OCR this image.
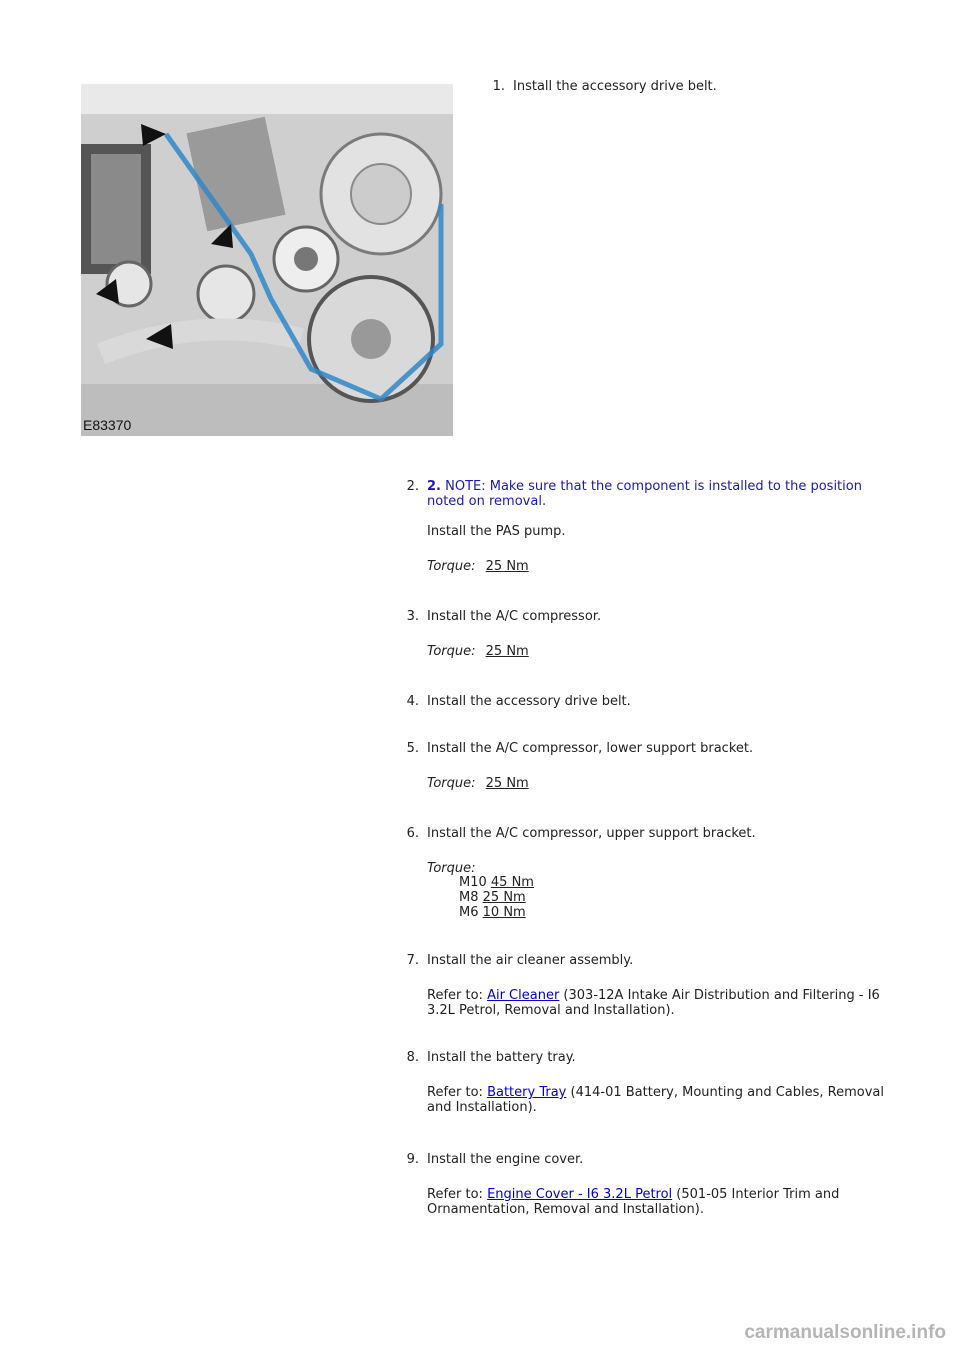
E83370
1. Install the accessory drive belt.
2. 2. NOTE: Make sure that the component is installed to the position noted on removal.
Install the PAS pump.
Torque: 25 Nm
3. Install the A/C compressor.
Torque: 25 Nm
4. Install the accessory drive belt.
5. Install the A/C compressor, lower support bracket.
Torque: 25 Nm
6. Install the A/C compressor, upper support bracket.
Torque:
M10 45 Nm
M8 25 Nm
M6 10 Nm
7. Install the air cleaner assembly.
Refer to: Air Cleaner (303-12A Intake Air Distribution and Filtering - I6 3.2L Petrol, Removal and Installation).
8. Install the battery tray.
Refer to: Battery Tray (414-01 Battery, Mounting and Cables, Removal and Installation).
9. Install the engine cover.
Refer to: Engine Cover - I6 3.2L Petrol (501-05 Interior Trim and Ornamentation, Removal and Installation).
carmanualsonline.info
